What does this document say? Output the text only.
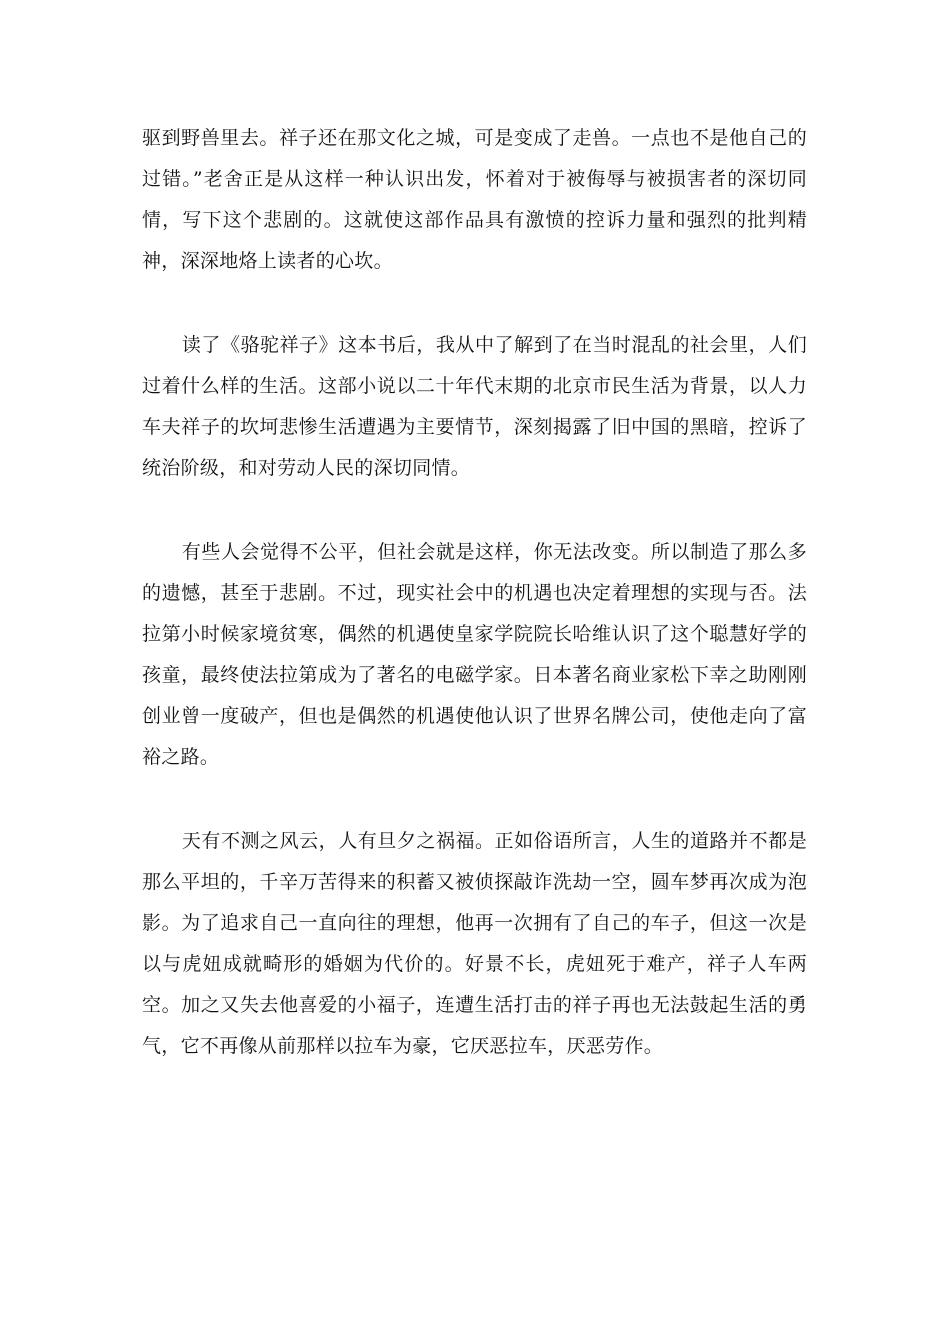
驱到野兽里去。祥子还在那文化之城，可是变成了走兽。一点也不是他自己的过错。”老舍正是从这样一种认识出发，怀着对于被侮辱与被损害者的深切同情，写下这个悲剧的。这就使这部作品具有激愤的控诉力量和强烈的批判精神，深深地烙上读者的心坎。

读了《骆驼祥子》这本书后，我从中了解到了在当时混乱的社会里，人们过着什么样的生活。这部小说以二十年代末期的北京市民生活为背景，以人力车夫祥子的坎坷悲惨生活遭遇为主要情节，深刻揭露了旧中国的黑暗，控诉了统治阶级，和对劳动人民的深切同情。

有些人会觉得不公平，但社会就是这样，你无法改变。所以制造了那么多的遗憾，甚至于悲剧。不过，现实社会中的机遇也决定着理想的实现与否。法拉第小时候家境贫寒，偶然的机遇使皇家学院院长哈维认识了这个聪慧好学的孩童，最终使法拉第成为了著名的电磁学家。日本著名商业家松下幸之助刚刚创业曾一度破产，但也是偶然的机遇使他认识了世界名牌公司，使他走向了富裕之路。

天有不测之风云，人有旦夕之祸福。正如俗语所言，人生的道路并不都是那么平坦的，千辛万苦得来的积蓄又被侦探敲诈洗劫一空，圆车梦再次成为泡影。为了追求自己一直向往的理想，他再一次拥有了自己的车子，但这一次是以与虎妞成就畸形的婚姻为代价的。好景不长，虎妞死于难产，祥子人车两空。加之又失去他喜爱的小福子，连遭生活打击的祥子再也无法鼓起生活的勇气，它不再像从前那样以拉车为豪，它厌恶拉车，厌恶劳作。
